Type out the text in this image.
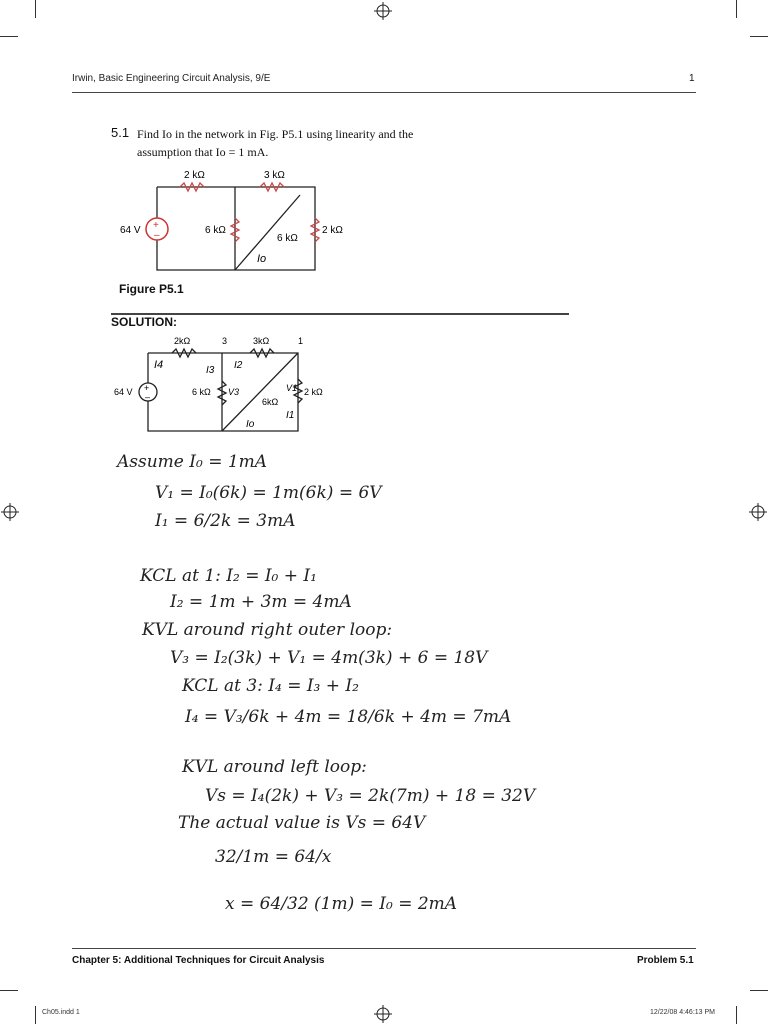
Irwin, Basic Engineering Circuit Analysis, 9/E	1
5.1 Find Io in the network in Fig. P5.1 using linearity and the
assumption that Io = 1 mA.
+
–
2 kΩ	3 kΩ
64 V	6 kΩ
6 kΩ
2 kΩ
Io
Figure P5.1
SOLUTION:
+
–
2kΩ	3	3kΩ	1
64 V	6 kΩ
6kΩ
2 kΩ
I4	I3 I2
I1
Io
V3	V1
Assume I₀ = 1mA
V₁ = I₀(6k) = 1m(6k) = 6V
I₁ = 6/2k = 3mA
KCL at 1: I₂ = I₀ + I₁
I₂ = 1m + 3m = 4mA
KVL around right outer loop:
V₃ = I₂(3k) + V₁ = 4m(3k) + 6 = 18V
KCL at 3: I₄ = I₃ + I₂
I₄ = V₃/6k + 4m = 18/6k + 4m = 7mA
KVL around left loop:
Vs = I₄(2k) + V₃ = 2k(7m) + 18 = 32V
The actual value is Vs = 64V
32/1m = 64/x
x = 64/32 (1m) = I₀ = 2mA
Chapter 5: Additional Techniques for Circuit Analysis	Problem 5.1
Ch05.indd 1	12/22/08 4:46:13 PM
